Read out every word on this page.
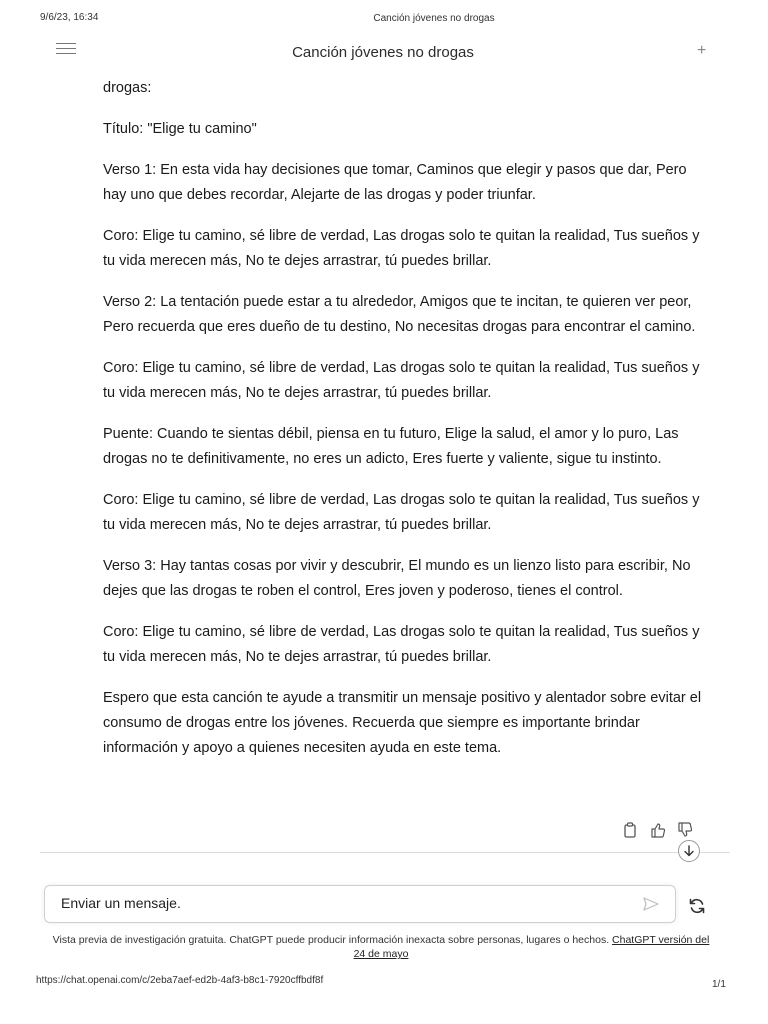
9/6/23, 16:34	Canción jóvenes no drogas
Canción jóvenes no drogas	+

drogas:

Título: "Elige tu camino"

Verso 1: En esta vida hay decisiones que tomar, Caminos que elegir y pasos que dar, Pero hay uno que debes recordar, Alejarte de las drogas y poder triunfar.

Coro: Elige tu camino, sé libre de verdad, Las drogas solo te quitan la realidad, Tus sueños y tu vida merecen más, No te dejes arrastrar, tú puedes brillar.

Verso 2: La tentación puede estar a tu alrededor, Amigos que te incitan, te quieren ver peor, Pero recuerda que eres dueño de tu destino, No necesitas drogas para encontrar el camino.

Coro: Elige tu camino, sé libre de verdad, Las drogas solo te quitan la realidad, Tus sueños y tu vida merecen más, No te dejes arrastrar, tú puedes brillar.

Puente: Cuando te sientas débil, piensa en tu futuro, Elige la salud, el amor y lo puro, Las drogas no te definitivamente, no eres un adicto, Eres fuerte y valiente, sigue tu instinto.

Coro: Elige tu camino, sé libre de verdad, Las drogas solo te quitan la realidad, Tus sueños y tu vida merecen más, No te dejes arrastrar, tú puedes brillar.

Verso 3: Hay tantas cosas por vivir y descubrir, El mundo es un lienzo listo para escribir, No dejes que las drogas te roben el control, Eres joven y poderoso, tienes el control.

Coro: Elige tu camino, sé libre de verdad, Las drogas solo te quitan la realidad, Tus sueños y tu vida merecen más, No te dejes arrastrar, tú puedes brillar.

Espero que esta canción te ayude a transmitir un mensaje positivo y alentador sobre evitar el consumo de drogas entre los jóvenes. Recuerda que siempre es importante brindar información y apoyo a quienes necesiten ayuda en este tema.

Enviar un mensaje.
Vista previa de investigación gratuita. ChatGPT puede producir información inexacta sobre personas, lugares o hechos. ChatGPT versión del 24 de mayo
https://chat.openai.com/c/2eba7aef-ed2b-4af3-b8c1-7920cffbdf8f	1/1
